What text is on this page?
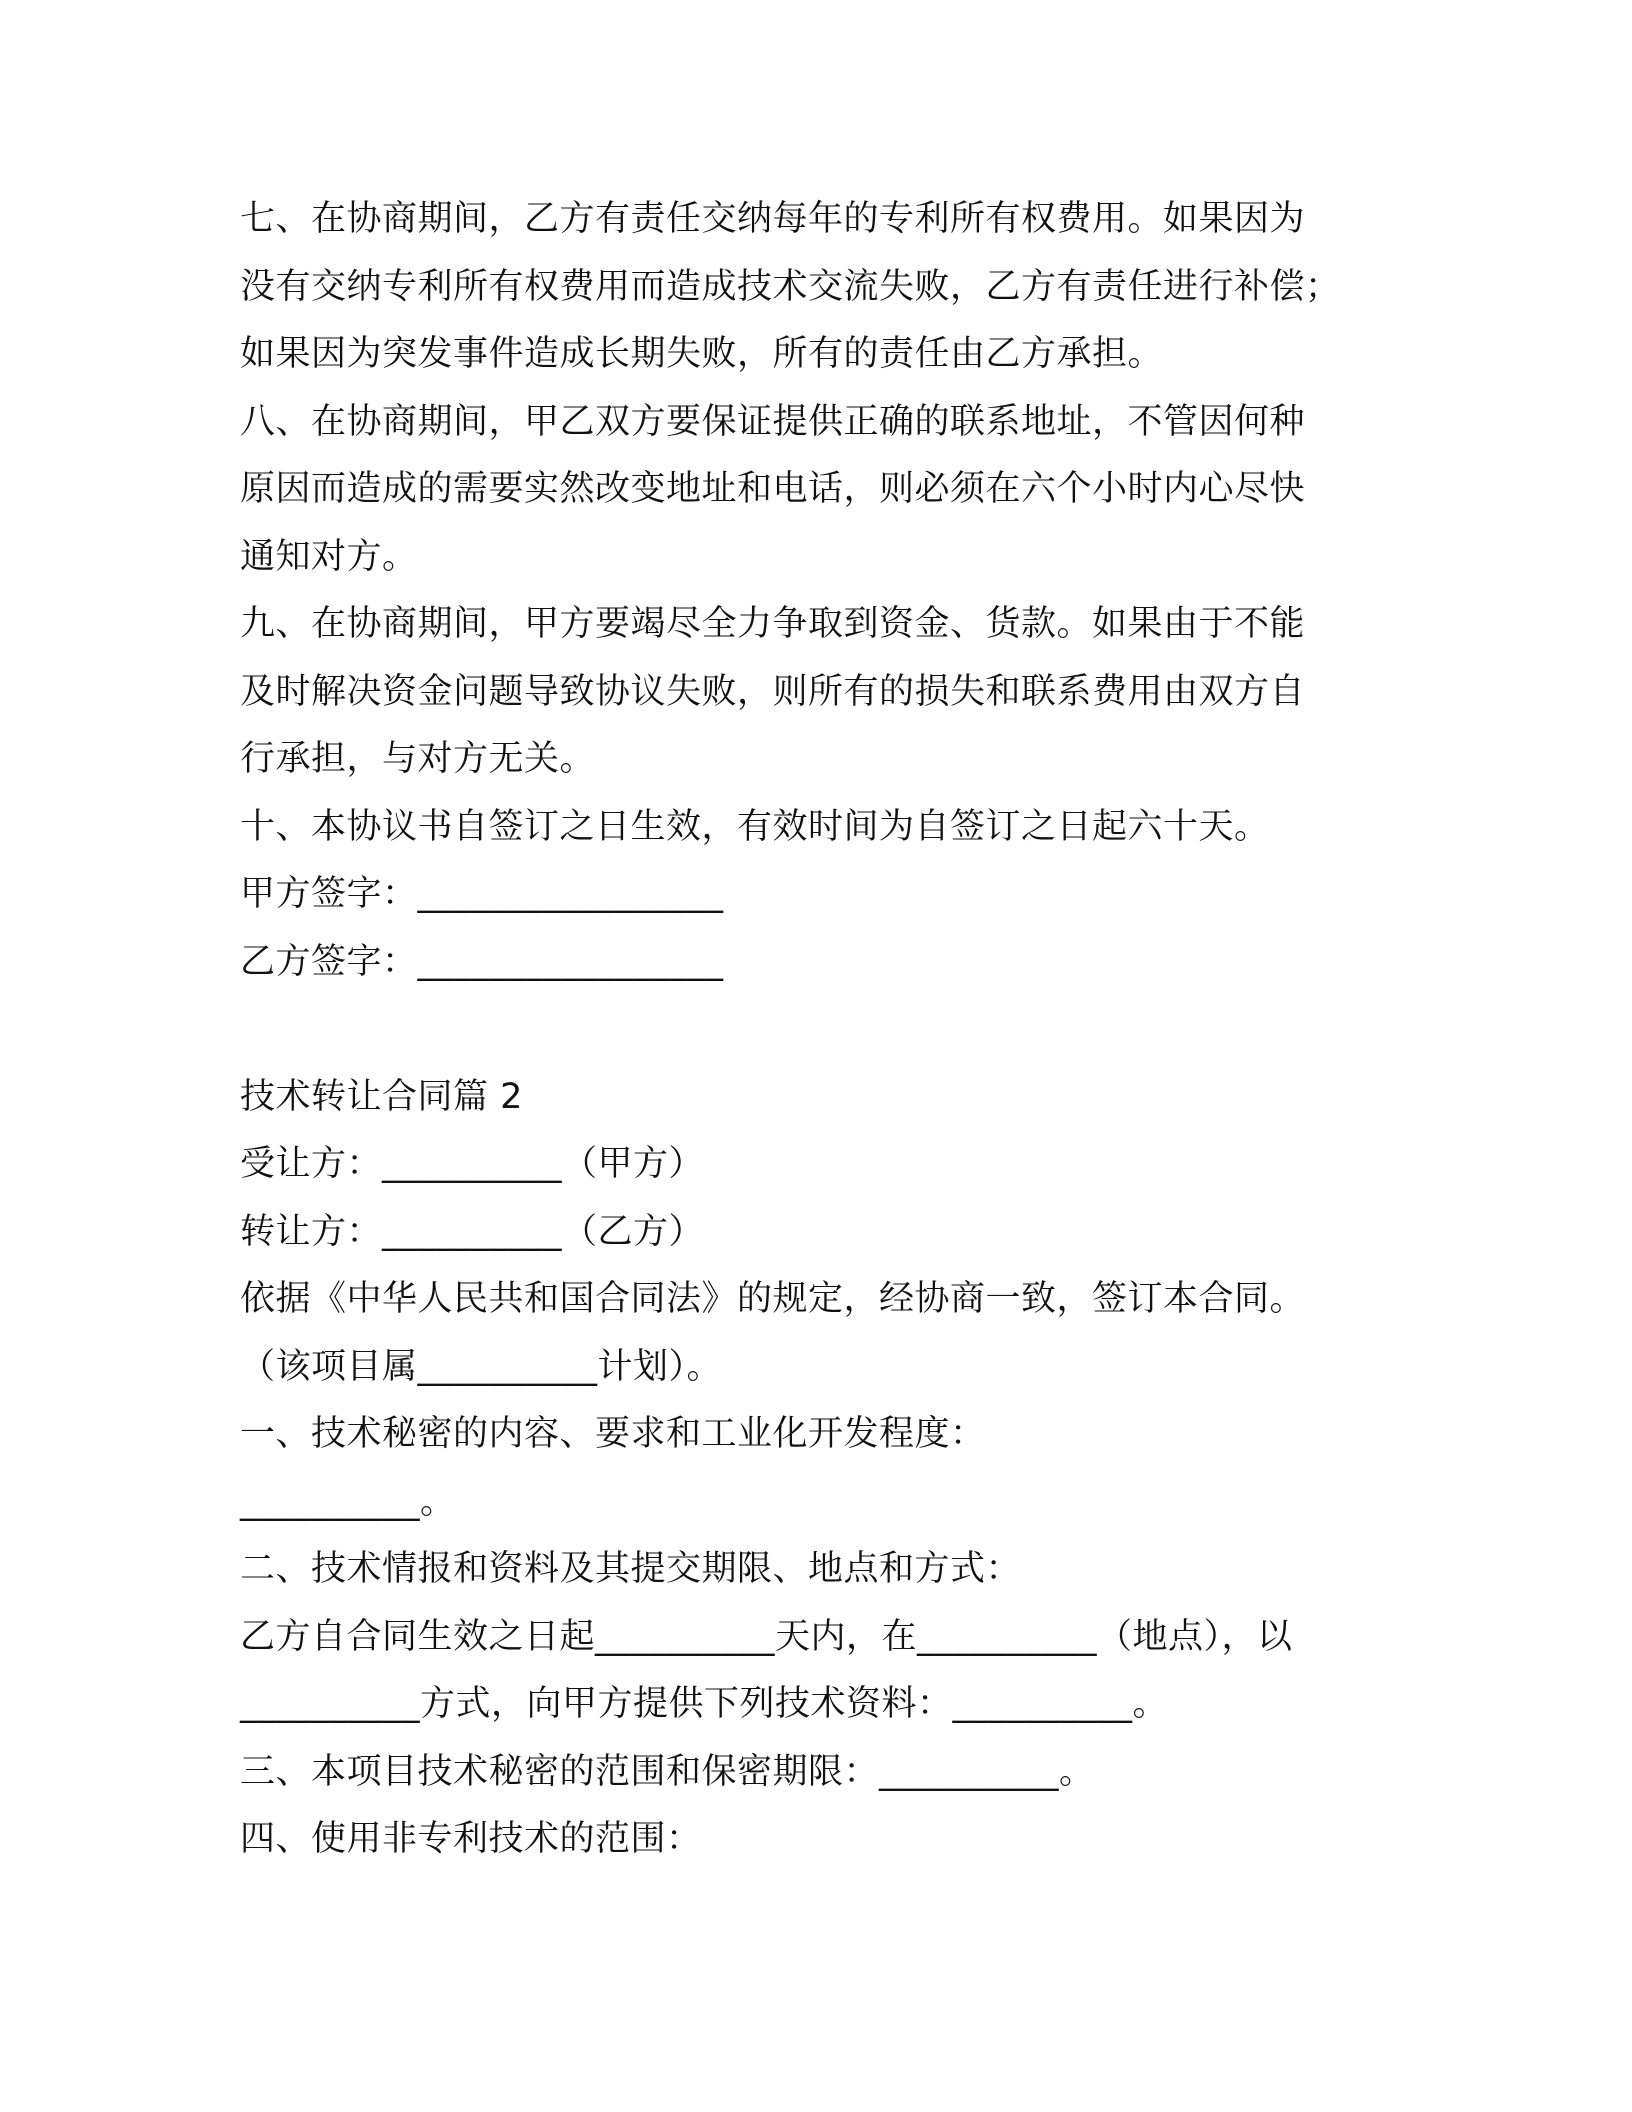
七、在协商期间，乙方有责任交纳每年的专利所有权费用。如果因为
没有交纳专利所有权费用而造成技术交流失败，乙方有责任进行补偿；
如果因为突发事件造成长期失败，所有的责任由乙方承担。
八、在协商期间，甲乙双方要保证提供正确的联系地址，不管因何种
原因而造成的需要实然改变地址和电话，则必须在六个小时内心尽快
通知对方。
九、在协商期间，甲方要竭尽全力争取到资金、货款。如果由于不能
及时解决资金问题导致协议失败，则所有的损失和联系费用由双方自
行承担，与对方无关。
十、本协议书自签订之日生效，有效时间为自签订之日起六十天。
甲方签字：_________________
乙方签字：_________________
技术转让合同篇 2
受让方：__________（甲方）
转让方：__________（乙方）
依据《中华人民共和国合同法》的规定，经协商一致，签订本合同。
（该项目属__________计划）。
一、技术秘密的内容、要求和工业化开发程度：
__________。
二、技术情报和资料及其提交期限、地点和方式：
乙方自合同生效之日起__________天内，在__________（地点），以
__________方式，向甲方提供下列技术资料：__________。
三、本项目技术秘密的范围和保密期限：__________。
四、使用非专利技术的范围：
